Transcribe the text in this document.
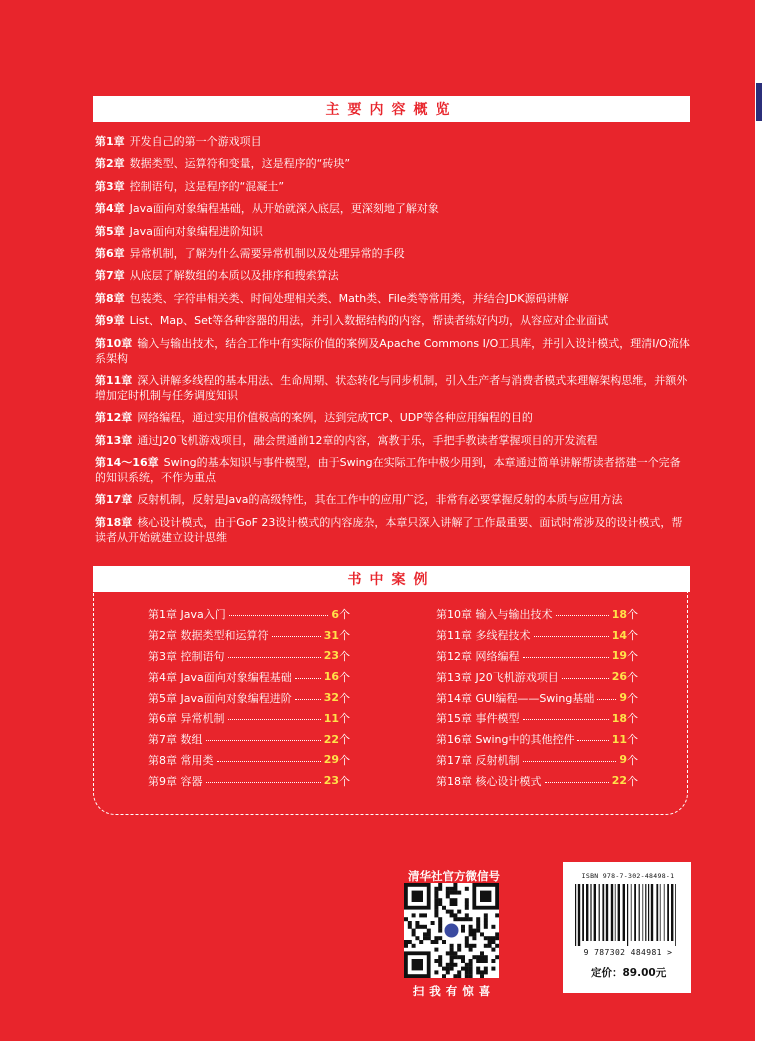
主要内容概览
第1章 开发自己的第一个游戏项目
第2章 数据类型、运算符和变量，这是程序的“砖块”
第3章 控制语句，这是程序的“混凝土”
第4章 Java面向对象编程基础，从开始就深入底层，更深刻地了解对象
第5章 Java面向对象编程进阶知识
第6章 异常机制，了解为什么需要异常机制以及处理异常的手段
第7章 从底层了解数组的本质以及排序和搜索算法
第8章 包装类、字符串相关类、时间处理相关类、Math类、File类等常用类，并结合JDK源码讲解
第9章 List、Map、Set等各种容器的用法，并引入数据结构的内容，帮读者练好内功，从容应对企业面试
第10章 输入与输出技术，结合工作中有实际价值的案例及Apache Commons I/O工具库，并引入设计模式，理清I/O流体系架构
第11章 深入讲解多线程的基本用法、生命周期、状态转化与同步机制，引入生产者与消费者模式来理解架构思维，并额外增加定时机制与任务调度知识
第12章 网络编程，通过实用价值极高的案例，达到完成TCP、UDP等各种应用编程的目的
第13章 通过J20飞机游戏项目，融会贯通前12章的内容，寓教于乐，手把手教读者掌握项目的开发流程
第14～16章 Swing的基本知识与事件模型，由于Swing在实际工作中极少用到，本章通过简单讲解帮读者搭建一个完备的知识系统，不作为重点
第17章 反射机制，反射是Java的高级特性，其在工作中的应用广泛，非常有必要掌握反射的本质与应用方法
第18章 核心设计模式，由于GoF 23设计模式的内容庞杂，本章只深入讲解了工作最重要、面试时常涉及的设计模式，帮读者从开始就建立设计思维
书中案例
第1章 Java入门	6 个
第2章 数据类型和运算符	31 个
第3章 控制语句	23 个
第4章 Java面向对象编程基础	16 个
第5章 Java面向对象编程进阶	32 个
第6章 异常机制	11 个
第7章 数组	22 个
第8章 常用类	29 个
第9章 容器	23 个
第10章 输入与输出技术	18 个
第11章 多线程技术	14 个
第12章 网络编程	19 个
第13章 J20飞机游戏项目	26 个
第14章 GUI编程——Swing基础 9 个
第15章 事件模型	18 个
第16章 Swing中的其他控件	11 个
第17章 反射机制	9 个
第18章 核心设计模式	22 个
清华社官方微信号
扫我有惊喜
ISBN 978-7-302-48498-1
9 787302 484981 >
定价：89.00元
